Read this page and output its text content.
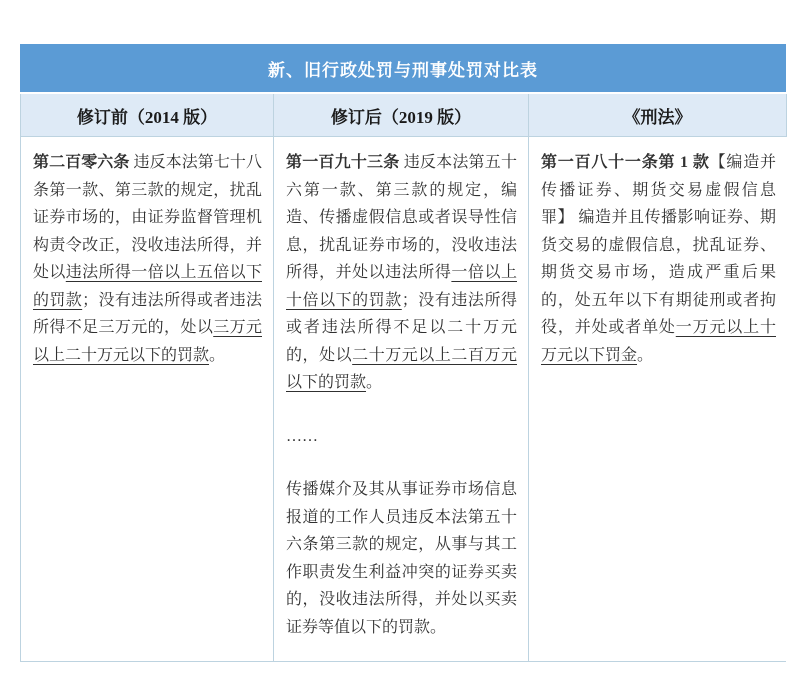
新、旧行政处罚与刑事处罚对比表
修订前（2014 版）	修订后（2019 版）	《刑法》

第二百零六条 违反本法第七十八条第一款、第三款的规定，扰乱证券市场的，由证券监督管理机构责令改正，没收违法所得，并处以违法所得一倍以上五倍以下的罚款；没有违法所得或者违法所得不足三万元的，处以三万元以上二十万元以下的罚款。

第一百九十三条 违反本法第五十六第一款、第三款的规定，编造、传播虚假信息或者误导性信息，扰乱证券市场的，没收违法所得，并处以违法所得一倍以上十倍以下的罚款；没有违法所得或者违法所得不足以二十万元的，处以二十万元以上二百万元以下的罚款。

……

传播媒介及其从事证券市场信息报道的工作人员违反本法第五十六条第三款的规定，从事与其工作职责发生利益冲突的证券买卖的，没收违法所得，并处以买卖证券等值以下的罚款。

第一百八十一条第 1 款【编造并传播证券、期货交易虚假信息罪】 编造并且传播影响证券、期货交易的虚假信息，扰乱证券、期货交易市场，造成严重后果的，处五年以下有期徒刑或者拘役，并处或者单处一万元以上十万元以下罚金。
